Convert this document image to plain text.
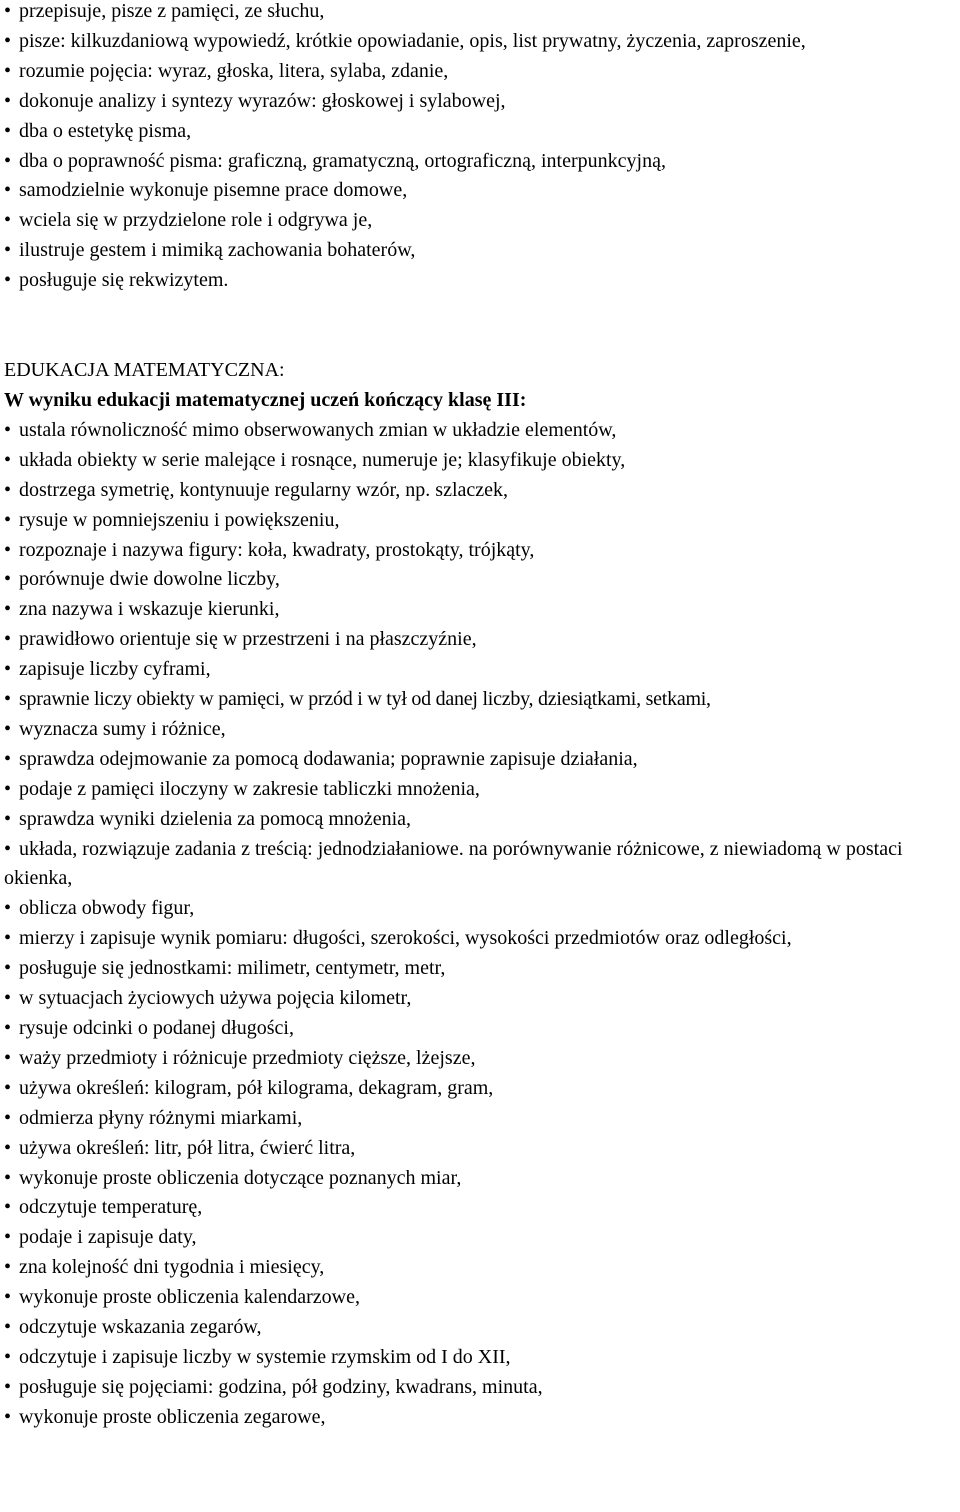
• przepisuje, pisze z pamięci, ze słuchu,

• pisze: kilkuzdaniową wypowiedź, krótkie opowiadanie, opis, list prywatny, życzenia, zaproszenie,

• rozumie pojęcia: wyraz, głoska, litera, sylaba, zdanie,

• dokonuje analizy i syntezy wyrazów: głoskowej i sylabowej,

• dba o estetykę pisma,

• dba o poprawność pisma: graficzną, gramatyczną, ortograficzną, interpunkcyjną,

• samodzielnie wykonuje pisemne prace domowe,

• wciela się w przydzielone role i odgrywa je,

• ilustruje gestem i mimiką zachowania bohaterów,

• posługuje się rekwizytem.

EDUKACJA MATEMATYCZNA:

W wyniku edukacji matematycznej uczeń kończący klasę III:

• ustala równoliczność mimo obserwowanych zmian w układzie elementów,

• układa obiekty w serie malejące i rosnące, numeruje je; klasyfikuje obiekty,

• dostrzega symetrię, kontynuuje regularny wzór, np. szlaczek,

• rysuje w pomniejszeniu i powiększeniu,

• rozpoznaje i nazywa figury: koła, kwadraty, prostokąty, trójkąty,

• porównuje dwie dowolne liczby,

• zna nazywa i wskazuje kierunki,

• prawidłowo orientuje się w przestrzeni i na płaszczyźnie,

• zapisuje liczby cyframi,

• sprawnie liczy obiekty w pamięci, w przód i w tył od danej liczby, dziesiątkami, setkami,

• wyznacza sumy i różnice,

• sprawdza odejmowanie za pomocą dodawania; poprawnie zapisuje działania,

• podaje z pamięci iloczyny w zakresie tabliczki mnożenia,

• sprawdza wyniki dzielenia za pomocą mnożenia,

• układa, rozwiązuje zadania z treścią: jednodziałaniowe. na porównywanie różnicowe, z niewiadomą w postaci okienka,

• oblicza obwody figur,

• mierzy i zapisuje wynik pomiaru: długości, szerokości, wysokości przedmiotów oraz odległości,

• posługuje się jednostkami: milimetr, centymetr, metr,

• w sytuacjach życiowych używa pojęcia kilometr,

• rysuje odcinki o podanej długości,

• waży przedmioty i różnicuje przedmioty cięższe, lżejsze,

• używa określeń: kilogram, pół kilograma, dekagram, gram,

• odmierza płyny różnymi miarkami,

• używa określeń: litr, pół litra, ćwierć litra,

• wykonuje proste obliczenia dotyczące poznanych miar,

• odczytuje temperaturę,

• podaje i zapisuje daty,

• zna kolejność dni tygodnia i miesięcy,

• wykonuje proste obliczenia kalendarzowe,

• odczytuje wskazania zegarów,

• odczytuje i zapisuje liczby w systemie rzymskim od I do XII,

• posługuje się pojęciami: godzina, pół godziny, kwadrans, minuta,

• wykonuje proste obliczenia zegarowe,
